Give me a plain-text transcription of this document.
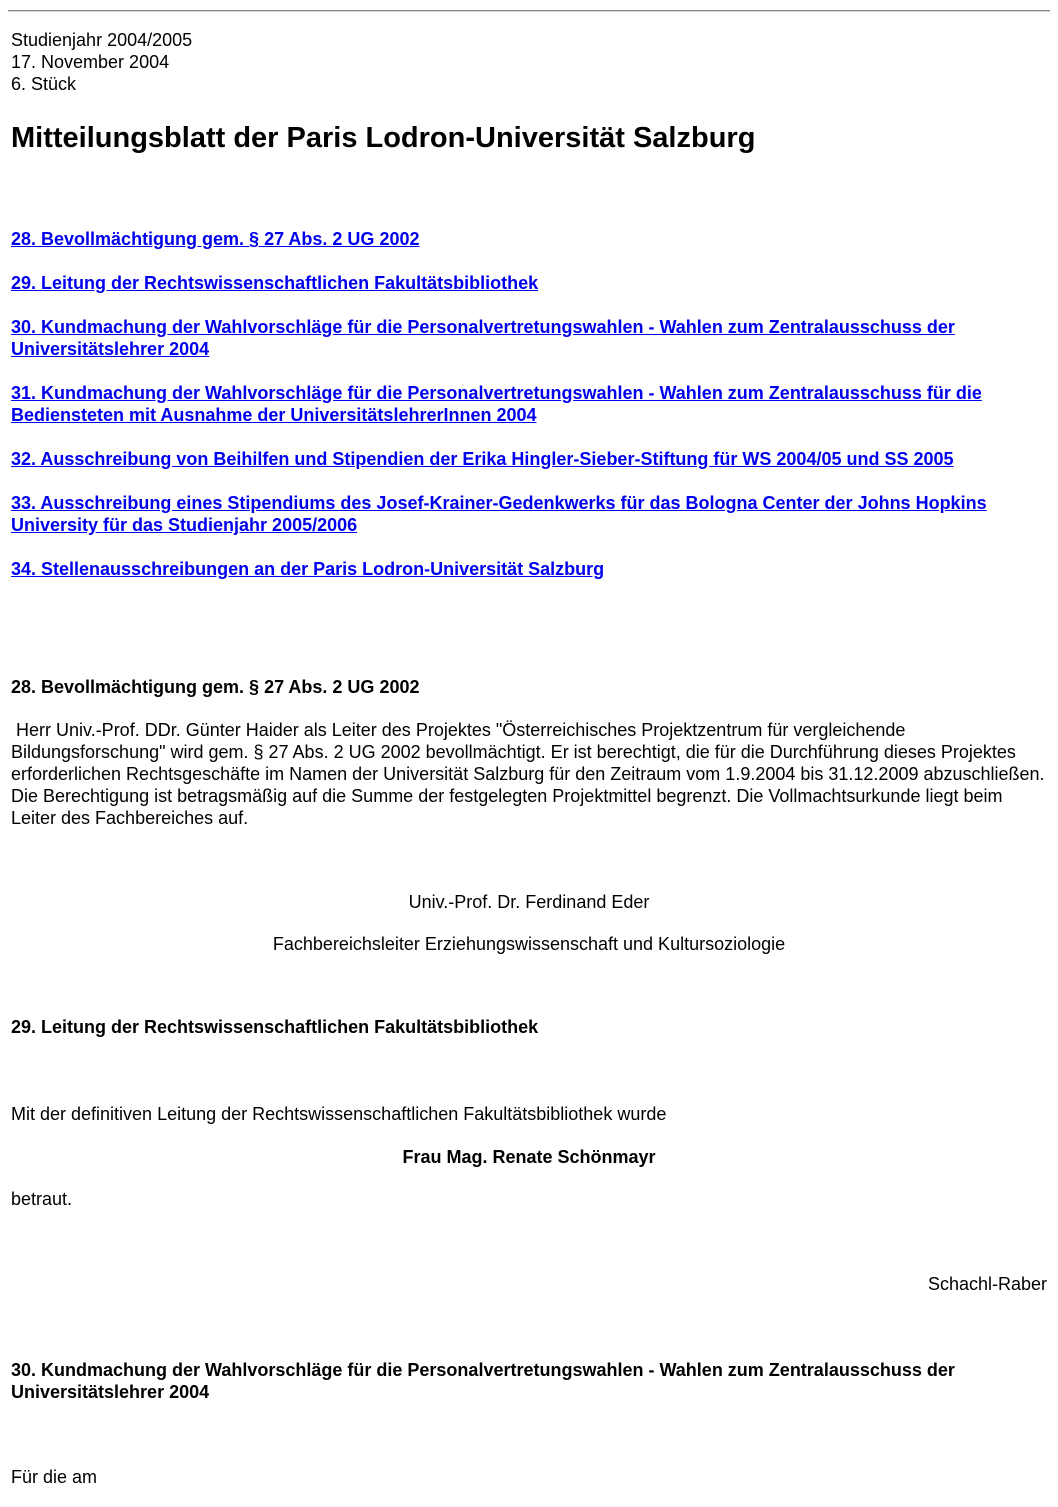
Studienjahr 2004/2005
17. November 2004
6. Stück
Mitteilungsblatt der Paris Lodron-Universität Salzburg

28. Bevollmächtigung gem. § 27 Abs. 2 UG 2002

29. Leitung der Rechtswissenschaftlichen Fakultätsbibliothek

30. Kundmachung der Wahlvorschläge für die Personalvertretungswahlen - Wahlen zum Zentralausschuss der Universitätslehrer 2004

31. Kundmachung der Wahlvorschläge für die Personalvertretungswahlen - Wahlen zum Zentralausschuss für die Bediensteten mit Ausnahme der UniversitätslehrerInnen 2004

32. Ausschreibung von Beihilfen und Stipendien der Erika Hingler-Sieber-Stiftung für WS 2004/05 und SS 2005

33. Ausschreibung eines Stipendiums des Josef-Krainer-Gedenkwerks für das Bologna Center der Johns Hopkins University für das Studienjahr 2005/2006

34. Stellenausschreibungen an der Paris Lodron-Universität Salzburg

28. Bevollmächtigung gem. § 27 Abs. 2 UG 2002

Herr Univ.-Prof. DDr. Günter Haider als Leiter des Projektes "Österreichisches Projektzentrum für vergleichende Bildungsforschung" wird gem. § 27 Abs. 2 UG 2002 bevollmächtigt. Er ist berechtigt, die für die Durchführung dieses Projektes erforderlichen Rechtsgeschäfte im Namen der Universität Salzburg für den Zeitraum vom 1.9.2004 bis 31.12.2009 abzuschließen. Die Berechtigung ist betragsmäßig auf die Summe der festgelegten Projektmittel begrenzt. Die Vollmachtsurkunde liegt beim Leiter des Fachbereiches auf.

Univ.-Prof. Dr. Ferdinand Eder

Fachbereichsleiter Erziehungswissenschaft und Kultursoziologie

29. Leitung der Rechtswissenschaftlichen Fakultätsbibliothek

Mit der definitiven Leitung der Rechtswissenschaftlichen Fakultätsbibliothek wurde

Frau Mag. Renate Schönmayr

betraut.

Schachl-Raber

30. Kundmachung der Wahlvorschläge für die Personalvertretungswahlen - Wahlen zum Zentralausschuss der Universitätslehrer 2004

Für die am
